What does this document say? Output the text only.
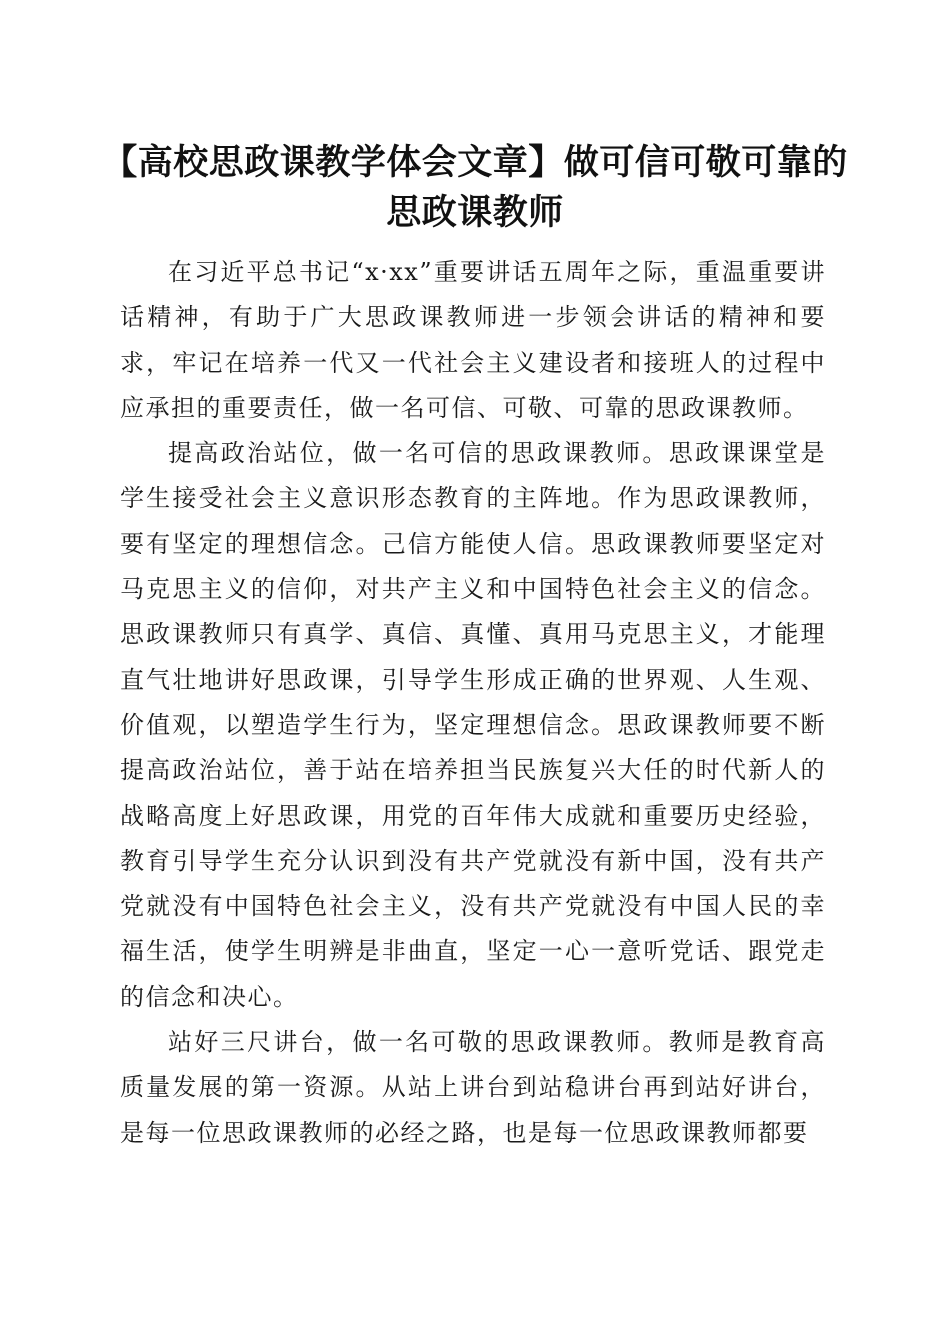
【高校思政课教学体会文章】做可信可敬可靠的思政课教师

在习近平总书记“x·xx”重要讲话五周年之际，重温重要讲话精神，有助于广大思政课教师进一步领会讲话的精神和要求，牢记在培养一代又一代社会主义建设者和接班人的过程中应承担的重要责任，做一名可信、可敬、可靠的思政课教师。

提高政治站位，做一名可信的思政课教师。思政课课堂是学生接受社会主义意识形态教育的主阵地。作为思政课教师，要有坚定的理想信念。己信方能使人信。思政课教师要坚定对马克思主义的信仰，对共产主义和中国特色社会主义的信念。思政课教师只有真学、真信、真懂、真用马克思主义，才能理直气壮地讲好思政课，引导学生形成正确的世界观、人生观、价值观，以塑造学生行为，坚定理想信念。思政课教师要不断提高政治站位，善于站在培养担当民族复兴大任的时代新人的战略高度上好思政课，用党的百年伟大成就和重要历史经验，教育引导学生充分认识到没有共产党就没有新中国，没有共产党就没有中国特色社会主义，没有共产党就没有中国人民的幸福生活，使学生明辨是非曲直，坚定一心一意听党话、跟党走的信念和决心。

站好三尺讲台，做一名可敬的思政课教师。教师是教育高质量发展的第一资源。从站上讲台到站稳讲台再到站好讲台，是每一位思政课教师的必经之路，也是每一位思政课教师都要
